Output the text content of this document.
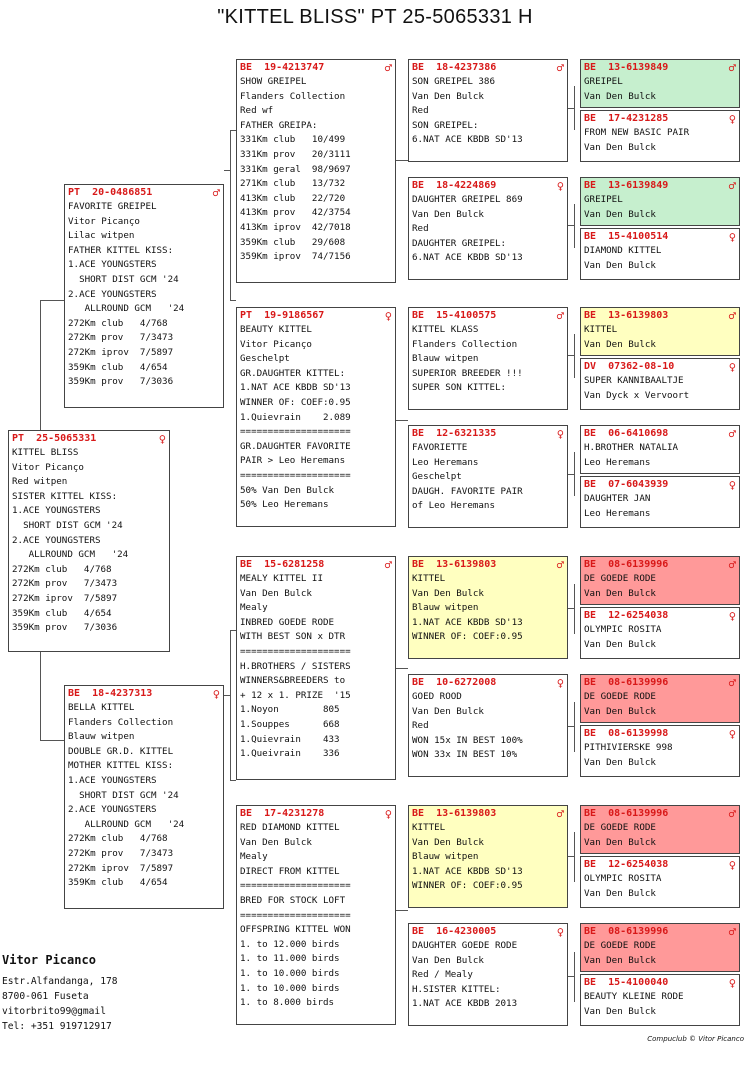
"KITTEL BLISS" PT 25-5065331 H
PT  25-5065331	♀
KITTEL BLISS
Vitor Picanço
Red witpen
SISTER KITTEL KISS:
1.ACE YOUNGSTERS
SHORT DIST GCM '24
2.ACE YOUNGSTERS
ALLROUND GCM   '24
272Km club   4/768
272Km prov   7/3473
272Km iprov  7/5897
359Km club   4/654
359Km prov   7/3036
PT  20-0486851	♂
FAVORITE GREIPEL
Vitor Picanço
Lilac witpen
FATHER KITTEL KISS:
1.ACE YOUNGSTERS
SHORT DIST GCM '24
2.ACE YOUNGSTERS
ALLROUND GCM   '24
272Km club   4/768
272Km prov   7/3473
272Km iprov  7/5897
359Km club   4/654
359Km prov   7/3036
BE  18-4237313	♀
BELLA KITTEL
Flanders Collection
Blauw witpen
DOUBLE GR.D. KITTEL
MOTHER KITTEL KISS:
1.ACE YOUNGSTERS
SHORT DIST GCM '24
2.ACE YOUNGSTERS
ALLROUND GCM   '24
272Km club   4/768
272Km prov   7/3473
272Km iprov  7/5897
359Km club   4/654
BE  19-4213747	♂
SHOW GREIPEL
Flanders Collection
Red wf
FATHER GREIPA:
331Km club   10/499
331Km prov   20/3111
331Km geral  98/9697
271Km club   13/732
413Km club   22/720
413Km prov   42/3754
413Km iprov  42/7018
359Km club   29/608
359Km iprov  74/7156
PT  19-9186567	♀
BEAUTY KITTEL
Vitor Picanço
Geschelpt
GR.DAUGHTER KITTEL:
1.NAT ACE KBDB SD'13
WINNER OF: COEF:0.95
1.Quievrain    2.089
====================
GR.DAUGHTER FAVORITE
PAIR > Leo Heremans
====================
50% Van Den Bulck
50% Leo Heremans
BE  15-6281258	♂
MEALY KITTEL II
Van Den Bulck
Mealy
INBRED GOEDE RODE
WITH BEST SON x DTR
====================
H.BROTHERS / SISTERS
WINNERS&BREEDERS to
+ 12 x 1. PRIZE  '15
1.Noyon        805
1.Souppes      668
1.Quievrain    433
1.Queivrain    336
BE  17-4231278	♀
RED DIAMOND KITTEL
Van Den Bulck
Mealy
DIRECT FROM KITTEL
====================
BRED FOR STOCK LOFT
====================
OFFSPRING KITTEL WON
1. to 12.000 birds
1. to 11.000 birds
1. to 10.000 birds
1. to 10.000 birds
1. to 8.000 birds
BE  18-4237386	♂
SON GREIPEL 386
Van Den Bulck
Red
SON GREIPEL:
6.NAT ACE KBDB SD'13
BE  18-4224869	♀
DAUGHTER GREIPEL 869
Van Den Bulck
Red
DAUGHTER GREIPEL:
6.NAT ACE KBDB SD'13
BE  15-4100575	♂
KITTEL KLASS
Flanders Collection
Blauw witpen
SUPERIOR BREEDER !!!
SUPER SON KITTEL:
BE  12-6321335	♀
FAVORIETTE
Leo Heremans
Geschelpt
DAUGH. FAVORITE PAIR
of Leo Heremans
BE  13-6139803	♂
KITTEL
Van Den Bulck
Blauw witpen
1.NAT ACE KBDB SD'13
WINNER OF: COEF:0.95
BE  10-6272008	♀
GOED ROOD
Van Den Bulck
Red
WON 15x IN BEST 100%
WON 33x IN BEST 10%
BE  13-6139803	♂
KITTEL
Van Den Bulck
Blauw witpen
1.NAT ACE KBDB SD'13
WINNER OF: COEF:0.95
BE  16-4230005	♀
DAUGHTER GOEDE RODE
Van Den Bulck
Red / Mealy
H.SISTER KITTEL:
1.NAT ACE KBDB 2013
BE  13-6139849	♂
GREIPEL
Van Den Bulck
BE  17-4231285	♀
FROM NEW BASIC PAIR
Van Den Bulck
BE  13-6139849	♂
GREIPEL
Van Den Bulck
BE  15-4100514	♀
DIAMOND KITTEL
Van Den Bulck
BE  13-6139803	♂
KITTEL
Van Den Bulck
DV  07362-08-10	♀
SUPER KANNIBAALTJE
Van Dyck x Vervoort
BE  06-6410698	♂
H.BROTHER NATALIA
Leo Heremans
BE  07-6043939	♀
DAUGHTER JAN
Leo Heremans
BE  08-6139996	♂
DE GOEDE RODE
Van Den Bulck
BE  12-6254038	♀
OLYMPIC ROSITA
Van Den Bulck
BE  08-6139996	♂
DE GOEDE RODE
Van Den Bulck
BE  08-6139998	♀
PITHIVIERSKE 998
Van Den Bulck
BE  08-6139996	♂
DE GOEDE RODE
Van Den Bulck
BE  12-6254038	♀
OLYMPIC ROSITA
Van Den Bulck
BE  08-6139996	♂
DE GOEDE RODE
Van Den Bulck
BE  15-4100040	♀
BEAUTY KLEINE RODE
Van Den Bulck
Vitor Picanco
Estr.Alfandanga, 178
8700-061 Fuseta
vitorbrito99@gmail
Tel: +351 919712917
Compuclub © Vitor Picanco
